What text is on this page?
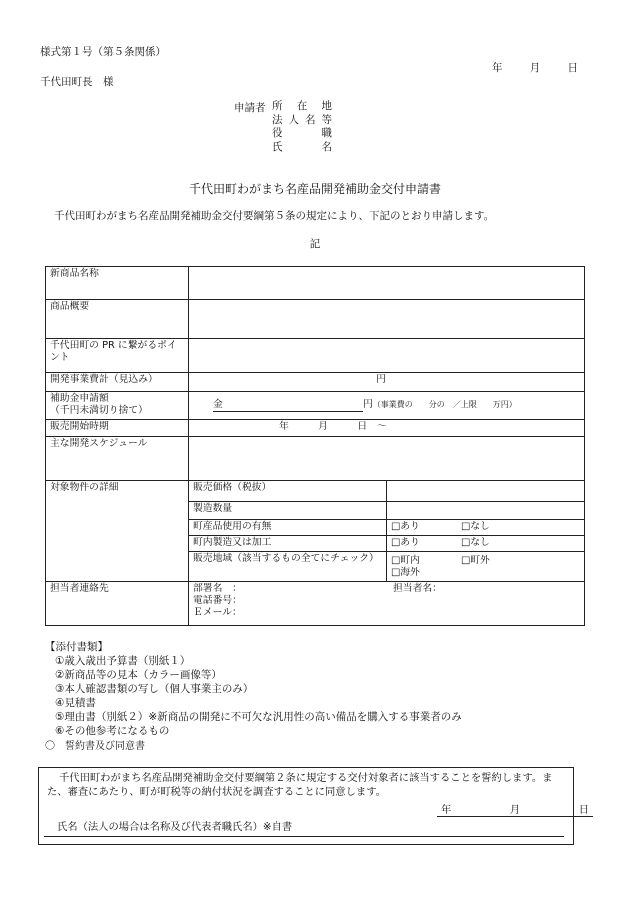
様式第１号（第５条関係）
年	月	日
千代田町長　様
申請者 所在地
法人名等
役職
氏名
千代田町わがまち名産品開発補助金交付申請書
千代田町わがまち名産品開発補助金交付要綱第５条の規定により、下記のとおり申請します。
記
新商品名称		
商品概要		
千代田町の PR に繋がるポイント		
開発事業費計（見込み）	円	
補助金申請額
（千円未満切り捨て）	金 円（事業費の　　分の　／上限　　万円）	
販売開始時期	年　　　月　　　日　～	
主な開発スケジュール		
対象物件の詳細	販売価格（税抜）	
	製造数量	
	町産品使用の有無	□あり □なし
	町内製造又は加工	□あり □なし
	販売地域（該当するもの全てにチェック）	□町内 □町外□海外
担当者連絡先	部署名　：
電話番号：
Ｅメール：
担当者名：	
【添付書類】
①歳入歳出予算書（別紙１）
②新商品等の見本（カラー画像等）
③本人確認書類の写し（個人事業主のみ）
④見積書
⑤理由書（別紙２）※新商品の開発に不可欠な汎用性の高い備品を購入する事業者のみ
⑥その他参考になるもの
〇　誓約書及び同意書
千代田町わがまち名産品開発補助金交付要綱第２条に規定する交付対象者に該当することを誓約します。また、審査にあたり、町が町税等の納付状況を調査することに同意します。
年	月	日
氏名（法人の場合は名称及び代表者職氏名）※自書
